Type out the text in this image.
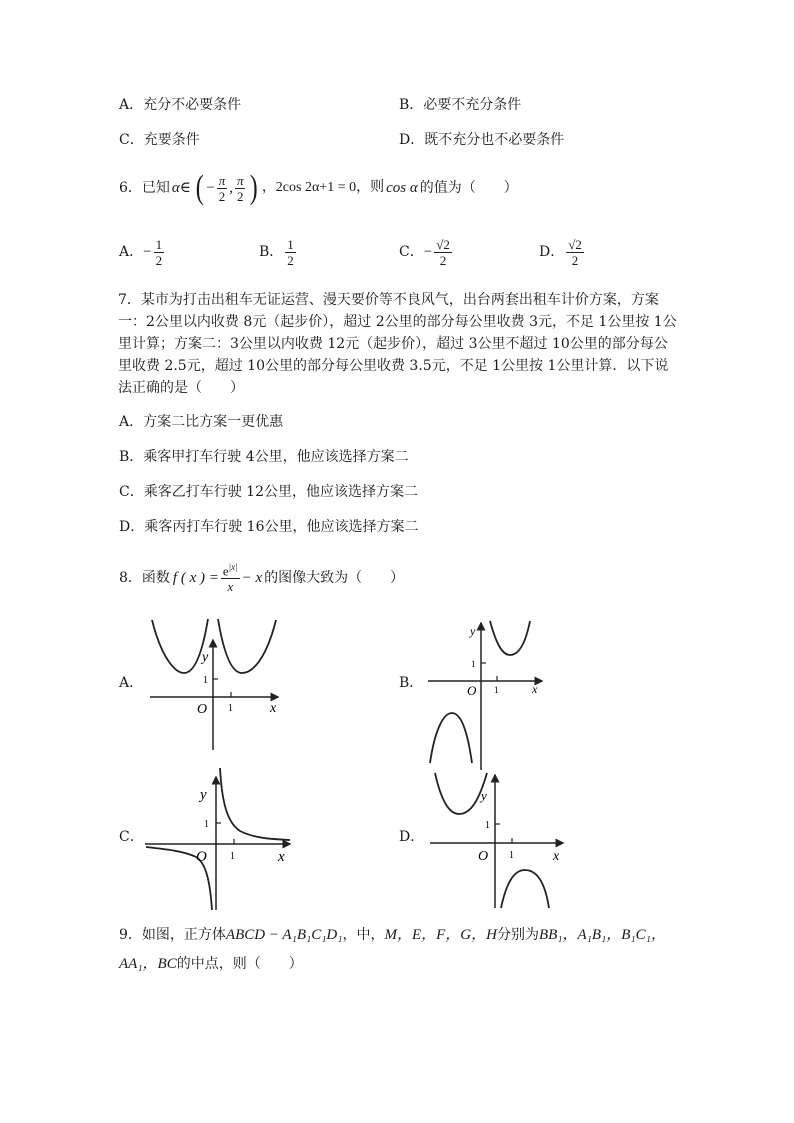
A．充分不必要条件	B．必要不充分条件
C．充要条件	D．既不充分也不必要条件
6．已知 α∈ ( − $\frac{\pi}{2}$ , $\frac{\pi}{2}$ ) ，2cos 2α+1 = 0，则 cos α 的值为（　　）
A． − $\frac{1}{2}$	B． $\frac{1}{2}$	C． − $\frac{√2}{2}$	D． $\frac{√2}{2}$
7．某市为打击出租车无证运营、漫天要价等不良风气，出台两套出租车计价方案，方案一：2公里以内收费 8元（起步价），超过 2公里的部分每公里收费 3元，不足 1公里按 1公里计算；方案二：3公里以内收费 12元（起步价），超过 3公里不超过 10公里的部分每公里收费 2.5元，超过 10公里的部分每公里收费 3.5元，不足 1公里按 1公里计算．以下说法正确的是（　　）
A．方案二比方案一更优惠
B．乘客甲打车行驶 4公里，他应该选择方案二
C．乘客乙打车行驶 12公里，他应该选择方案二
D．乘客丙打车行驶 16公里，他应该选择方案二
8．函数 f ( x ) = $\frac{e^{|x|}}{x} - x$ 的图像大致为（　　）
A．	B．
C．	D．
y
x
O 1
1
y
x
O 1
1
y
x
O 1
1
y
x
O 1
1
9．如图，正方体ABCD − A₁B₁C₁D₁，中，M，E，F，G，H分别为BB₁，A₁B₁，B₁C₁，
AA₁，BC的中点，则（　　）
